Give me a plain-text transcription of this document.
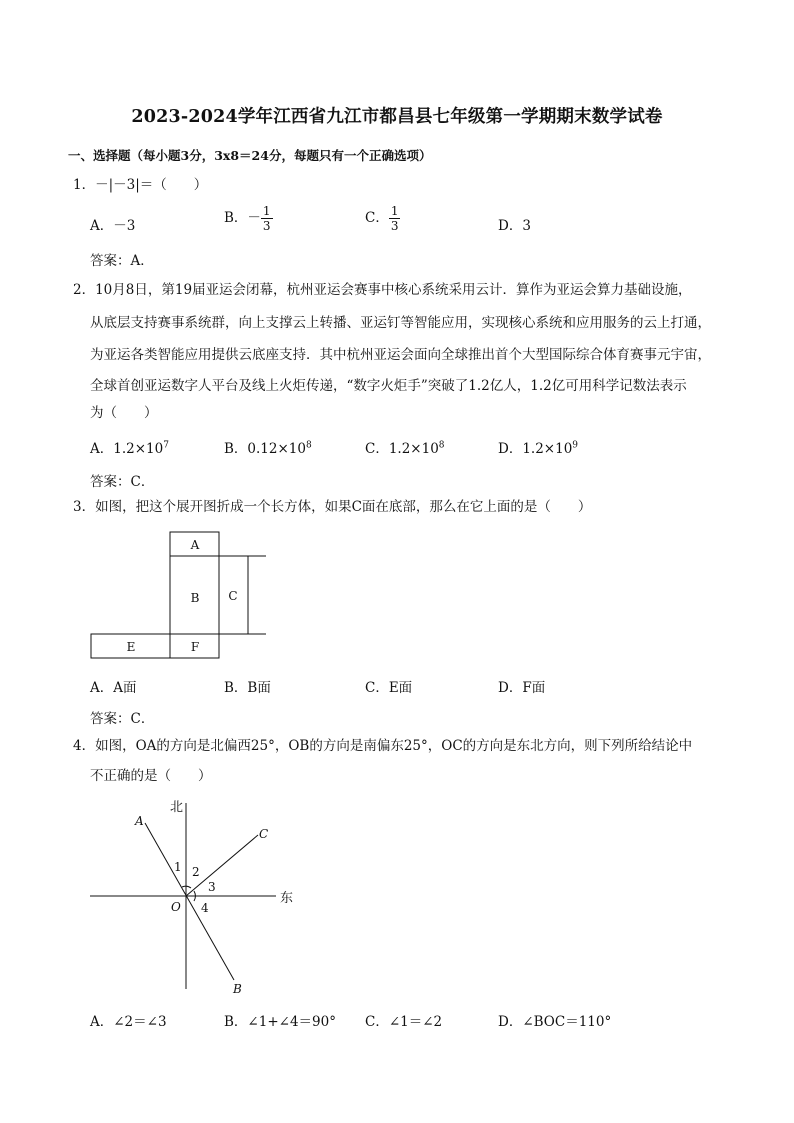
2023-2024学年江西省九江市都昌县七年级第一学期期末数学试卷
一、选择题（每小题3分，3x8＝24分，每题只有一个正确选项）
1．－|－3|＝（　　）
A．－3	B．－ $\frac{1}{3}$	C． $\frac{1}{3}$	D．3
答案：A．
2．10月8日，第19届亚运会闭幕，杭州亚运会赛事中核心系统采用云计．算作为亚运会算力基础设施，
从底层支持赛事系统群，向上支撑云上转播、亚运钉等智能应用，实现核心系统和应用服务的云上打通，
为亚运各类智能应用提供云底座支持．其中杭州亚运会面向全球推出首个大型国际综合体育赛事元宇宙，
全球首创亚运数字人平台及线上火炬传递，“数字火炬手”突破了1.2亿人，1.2亿可用科学记数法表示
为（　　）
A．$1.2\times 10^7$	B．$0.12\times 10^8$	C．$1.2\times 10^8$	D．$1.2\times 10^9$
答案：C．
3．如图，把这个展开图折成一个长方体，如果C面在底部，那么在它上面的是（　　）
A
B C
E	F
A．A面	B．B面	C．E面	D．F面
答案：C．
4．如图，OA的方向是北偏西25°，OB的方向是南偏东25°，OC的方向是东北方向，则下列所给结论中
不正确的是（　　）
北
东
A
C
B
O
1 2
3
4
A．∠2＝∠3	B．∠1+∠4＝90° C．∠1＝∠2	D．∠BOC＝110°
